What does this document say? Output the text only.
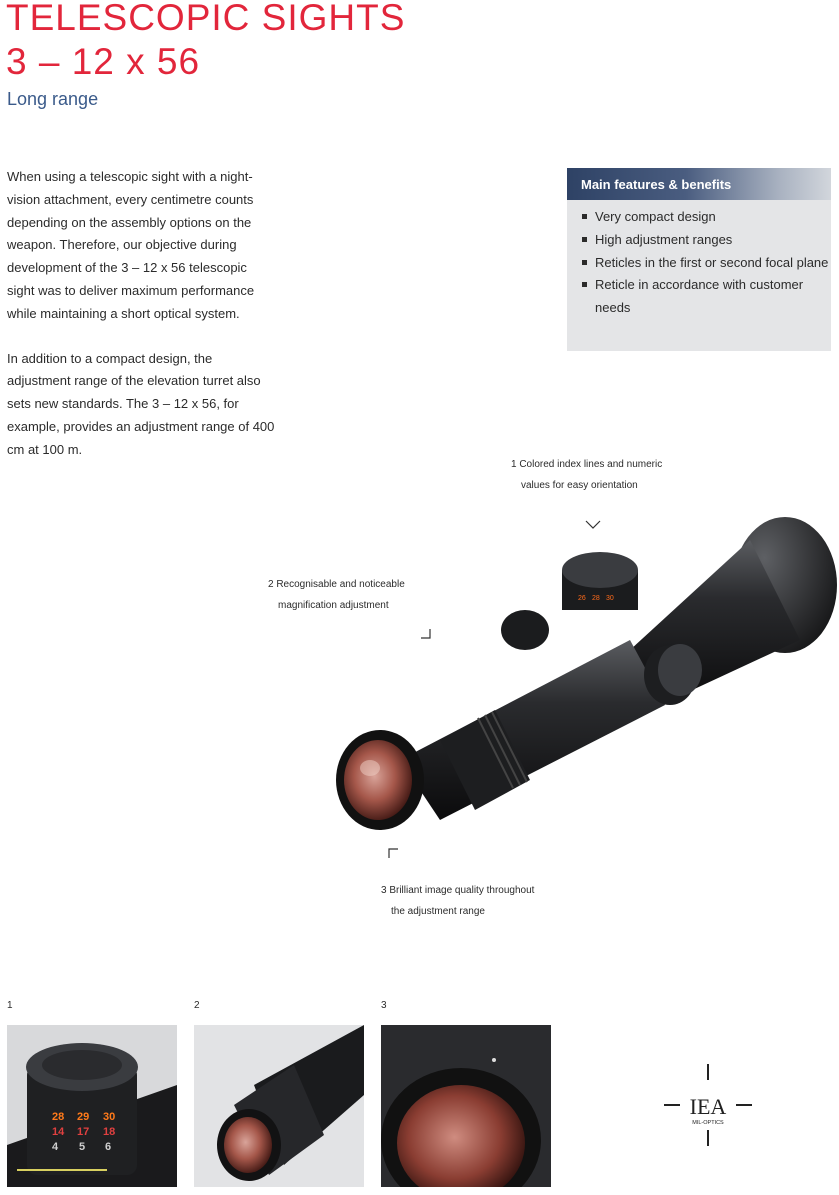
TELESCOPIC SIGHTS
3 – 12 x 56
Long range

When using a telescopic sight with a night-vision attachment, every centimetre counts depending on the assembly options on the weapon. Therefore, our objective during development of the 3 – 12 x 56 telescopic sight was to deliver maximum performance while maintaining a short optical system.

In addition to a compact design, the adjustment range of the elevation turret also sets new standards. The 3 – 12 x 56, for example, provides an adjustment range of 400 cm at 100 m.

Main features & benefits
Very compact design
High adjustment ranges
Reticles in the first or second focal plane
Reticle in accordance with customer needs
1 Colored index lines and numeric
values for easy orientation
2 Recognisable and noticeable
magnification adjustment
3 Brilliant image quality throughout
the adjustment range
26 28 30
1	2	3
28 29 30
14 17 18
4 5 6
IEA
MIL-OPTICS
